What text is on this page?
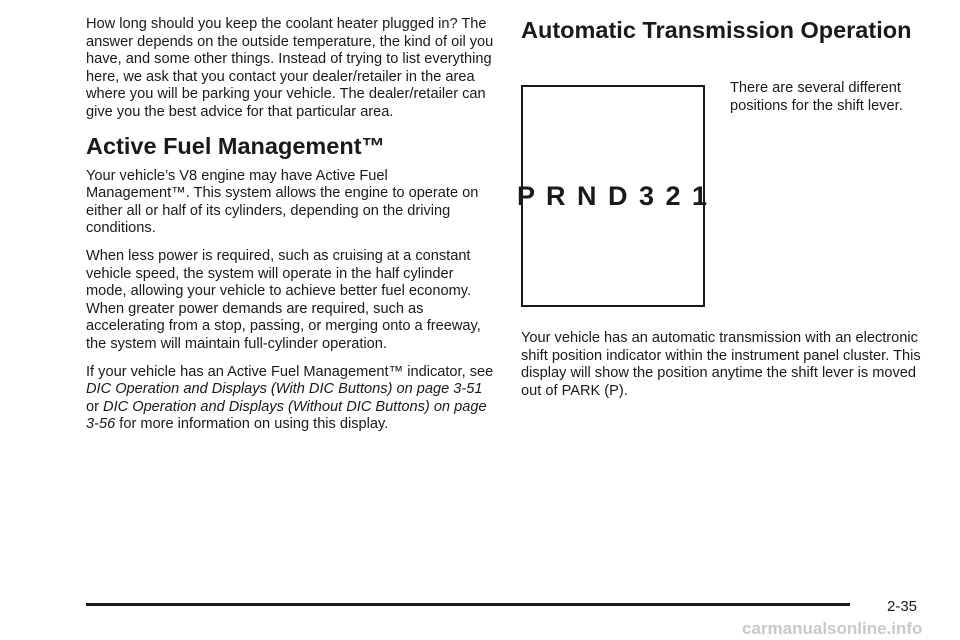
How long should you keep the coolant heater plugged in? The answer depends on the outside temperature, the kind of oil you have, and some other things. Instead of trying to list everything here, we ask that you contact your dealer/retailer in the area where you will be parking your vehicle. The dealer/retailer can give you the best advice for that particular area.

Active Fuel Management™

Your vehicle’s V8 engine may have Active Fuel Management™. This system allows the engine to operate on either all or half of its cylinders, depending on the driving conditions.

When less power is required, such as cruising at a constant vehicle speed, the system will operate in the half cylinder mode, allowing your vehicle to achieve better fuel economy. When greater power demands are required, such as accelerating from a stop, passing, or merging onto a freeway, the system will maintain full-cylinder operation.

If your vehicle has an Active Fuel Management™ indicator, see DIC Operation and Displays (With DIC Buttons) on page 3-51 or DIC Operation and Displays (Without DIC Buttons) on page 3-56 for more information on using this display.

Automatic Transmission Operation
P R N D 3 2 1

There are several different positions for the shift lever.

Your vehicle has an automatic transmission with an electronic shift position indicator within the instrument panel cluster. This display will show the position anytime the shift lever is moved out of PARK (P).

2-35
carmanualsonline.info
